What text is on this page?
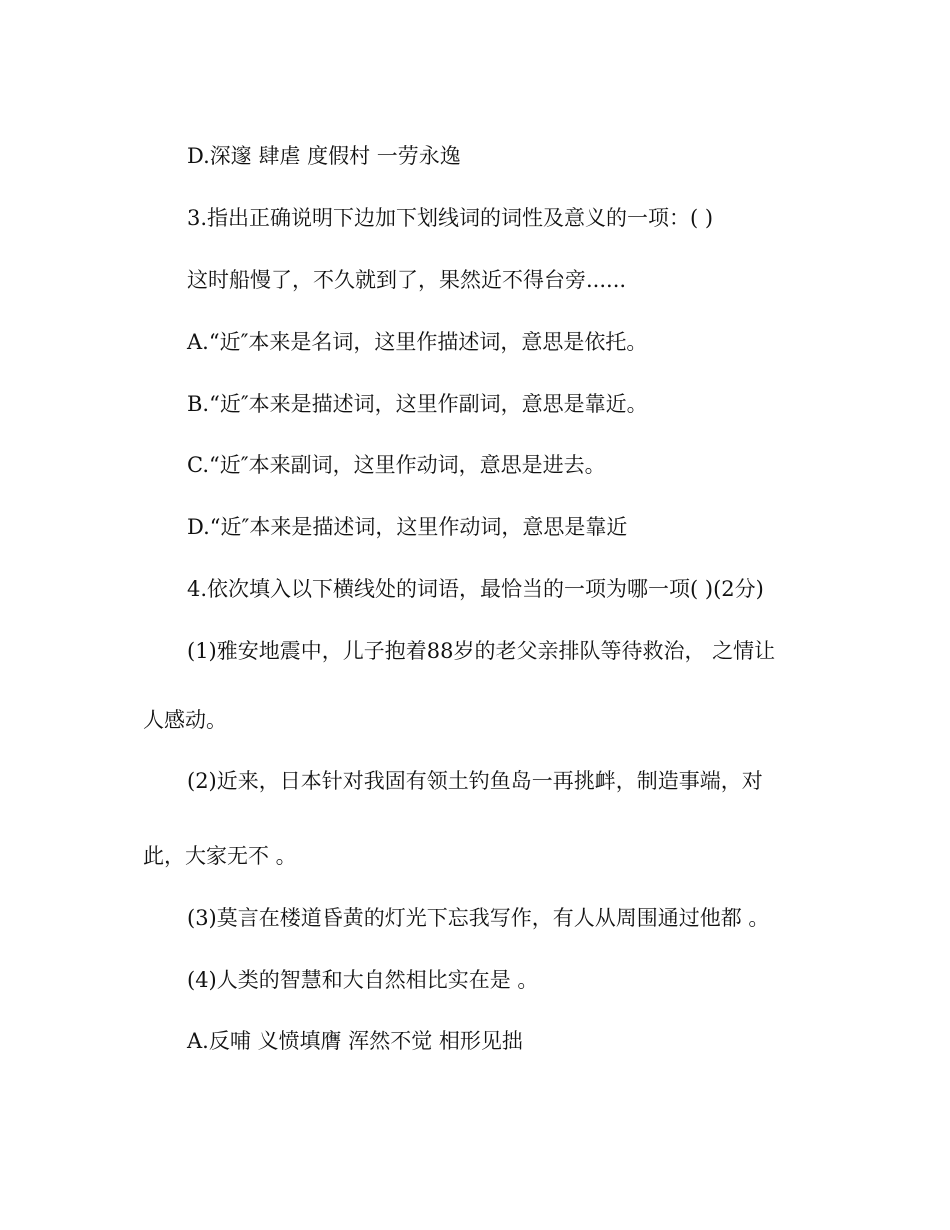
D.深邃 肆虐 度假村 一劳永逸
3.指出正确说明下边加下划线词的词性及意义的一项：( )
这时船慢了，不久就到了，果然近不得台旁......
A.“近″本来是名词，这里作描述词，意思是依托。
B.“近″本来是描述词，这里作副词，意思是靠近。
C.“近″本来副词，这里作动词，意思是进去。
D.“近″本来是描述词，这里作动词，意思是靠近
4.依次填入以下横线处的词语，最恰当的一项为哪一项( )(2分)
(1)雅安地震中，儿子抱着88岁的老父亲排队等待救治， 之情让
人感动。
(2)近来，日本针对我固有领土钓鱼岛一再挑衅，制造事端，对
此，大家无不 。
(3)莫言在楼道昏黄的灯光下忘我写作，有人从周围通过他都 。
(4)人类的智慧和大自然相比实在是 。
A.反哺 义愤填膺 浑然不觉 相形见拙
